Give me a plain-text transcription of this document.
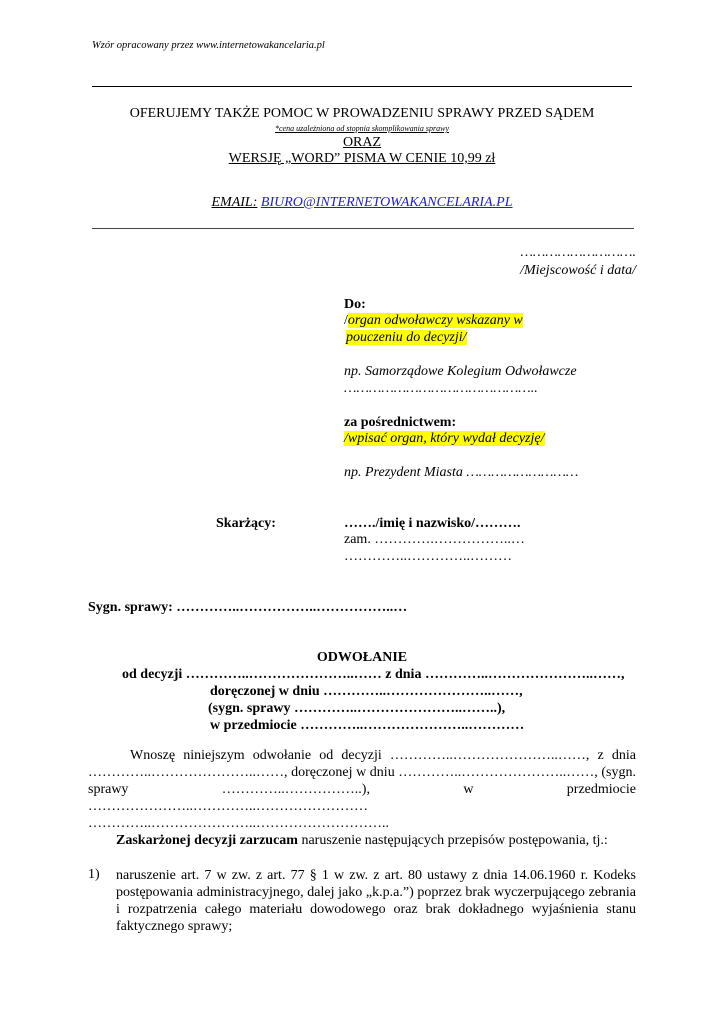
Wzór opracowany przez www.internetowakancelaria.pl
OFERUJEMY TAKŻE POMOC W PROWADZENIU SPRAWY PRZED SĄDEM
*cena uzależniona od stopnia skomplikowania sprawy
ORAZ
WERSJĘ „WORD” PISMA W CENIE 10,99 zł
EMAIL: BIURO@INTERNETOWAKANCELARIA.PL
……………………….
/Miejscowość i data/
Do:
/organ odwoławczy wskazany w
pouczeniu do decyzji/
np. Samorządowe Kolegium Odwoławcze
………………………………………..
za pośrednictwem:
/wpisać organ, który wydał decyzję/
np. Prezydent Miasta ………………………
Skarżący:	……./imię i nazwisko/……….
zam. ………….……………..…
…………..…………..………
Sygn. sprawy: …………..……………..……………..…
ODWOŁANIE
od decyzji …………..…………………..…… z dnia …………..…………………..……,
doręczonej w dniu …………..…………………..……,
(sygn. sprawy …………..…………………..……..),
w przedmiocie …………..…………………..…………
Wnoszę niniejszym odwołanie od decyzji …………..…………………..……, z dnia …………..…………………..……, doręczonej w dniu …………..…………………..……, (sygn. sprawy …………..……………..), w przedmiocie …………………..…………..…………………… …………..…………………..………………………..
Zaskarżonej decyzji zarzucam naruszenie następujących przepisów postępowania, tj.:
1) naruszenie art. 7 w zw. z art. 77 § 1 w zw. z art. 80 ustawy z dnia 14.06.1960 r. Kodeks postępowania administracyjnego, dalej jako „k.p.a.”) poprzez brak wyczerpującego zebrania i rozpatrzenia całego materiału dowodowego oraz brak dokładnego wyjaśnienia stanu faktycznego sprawy;
